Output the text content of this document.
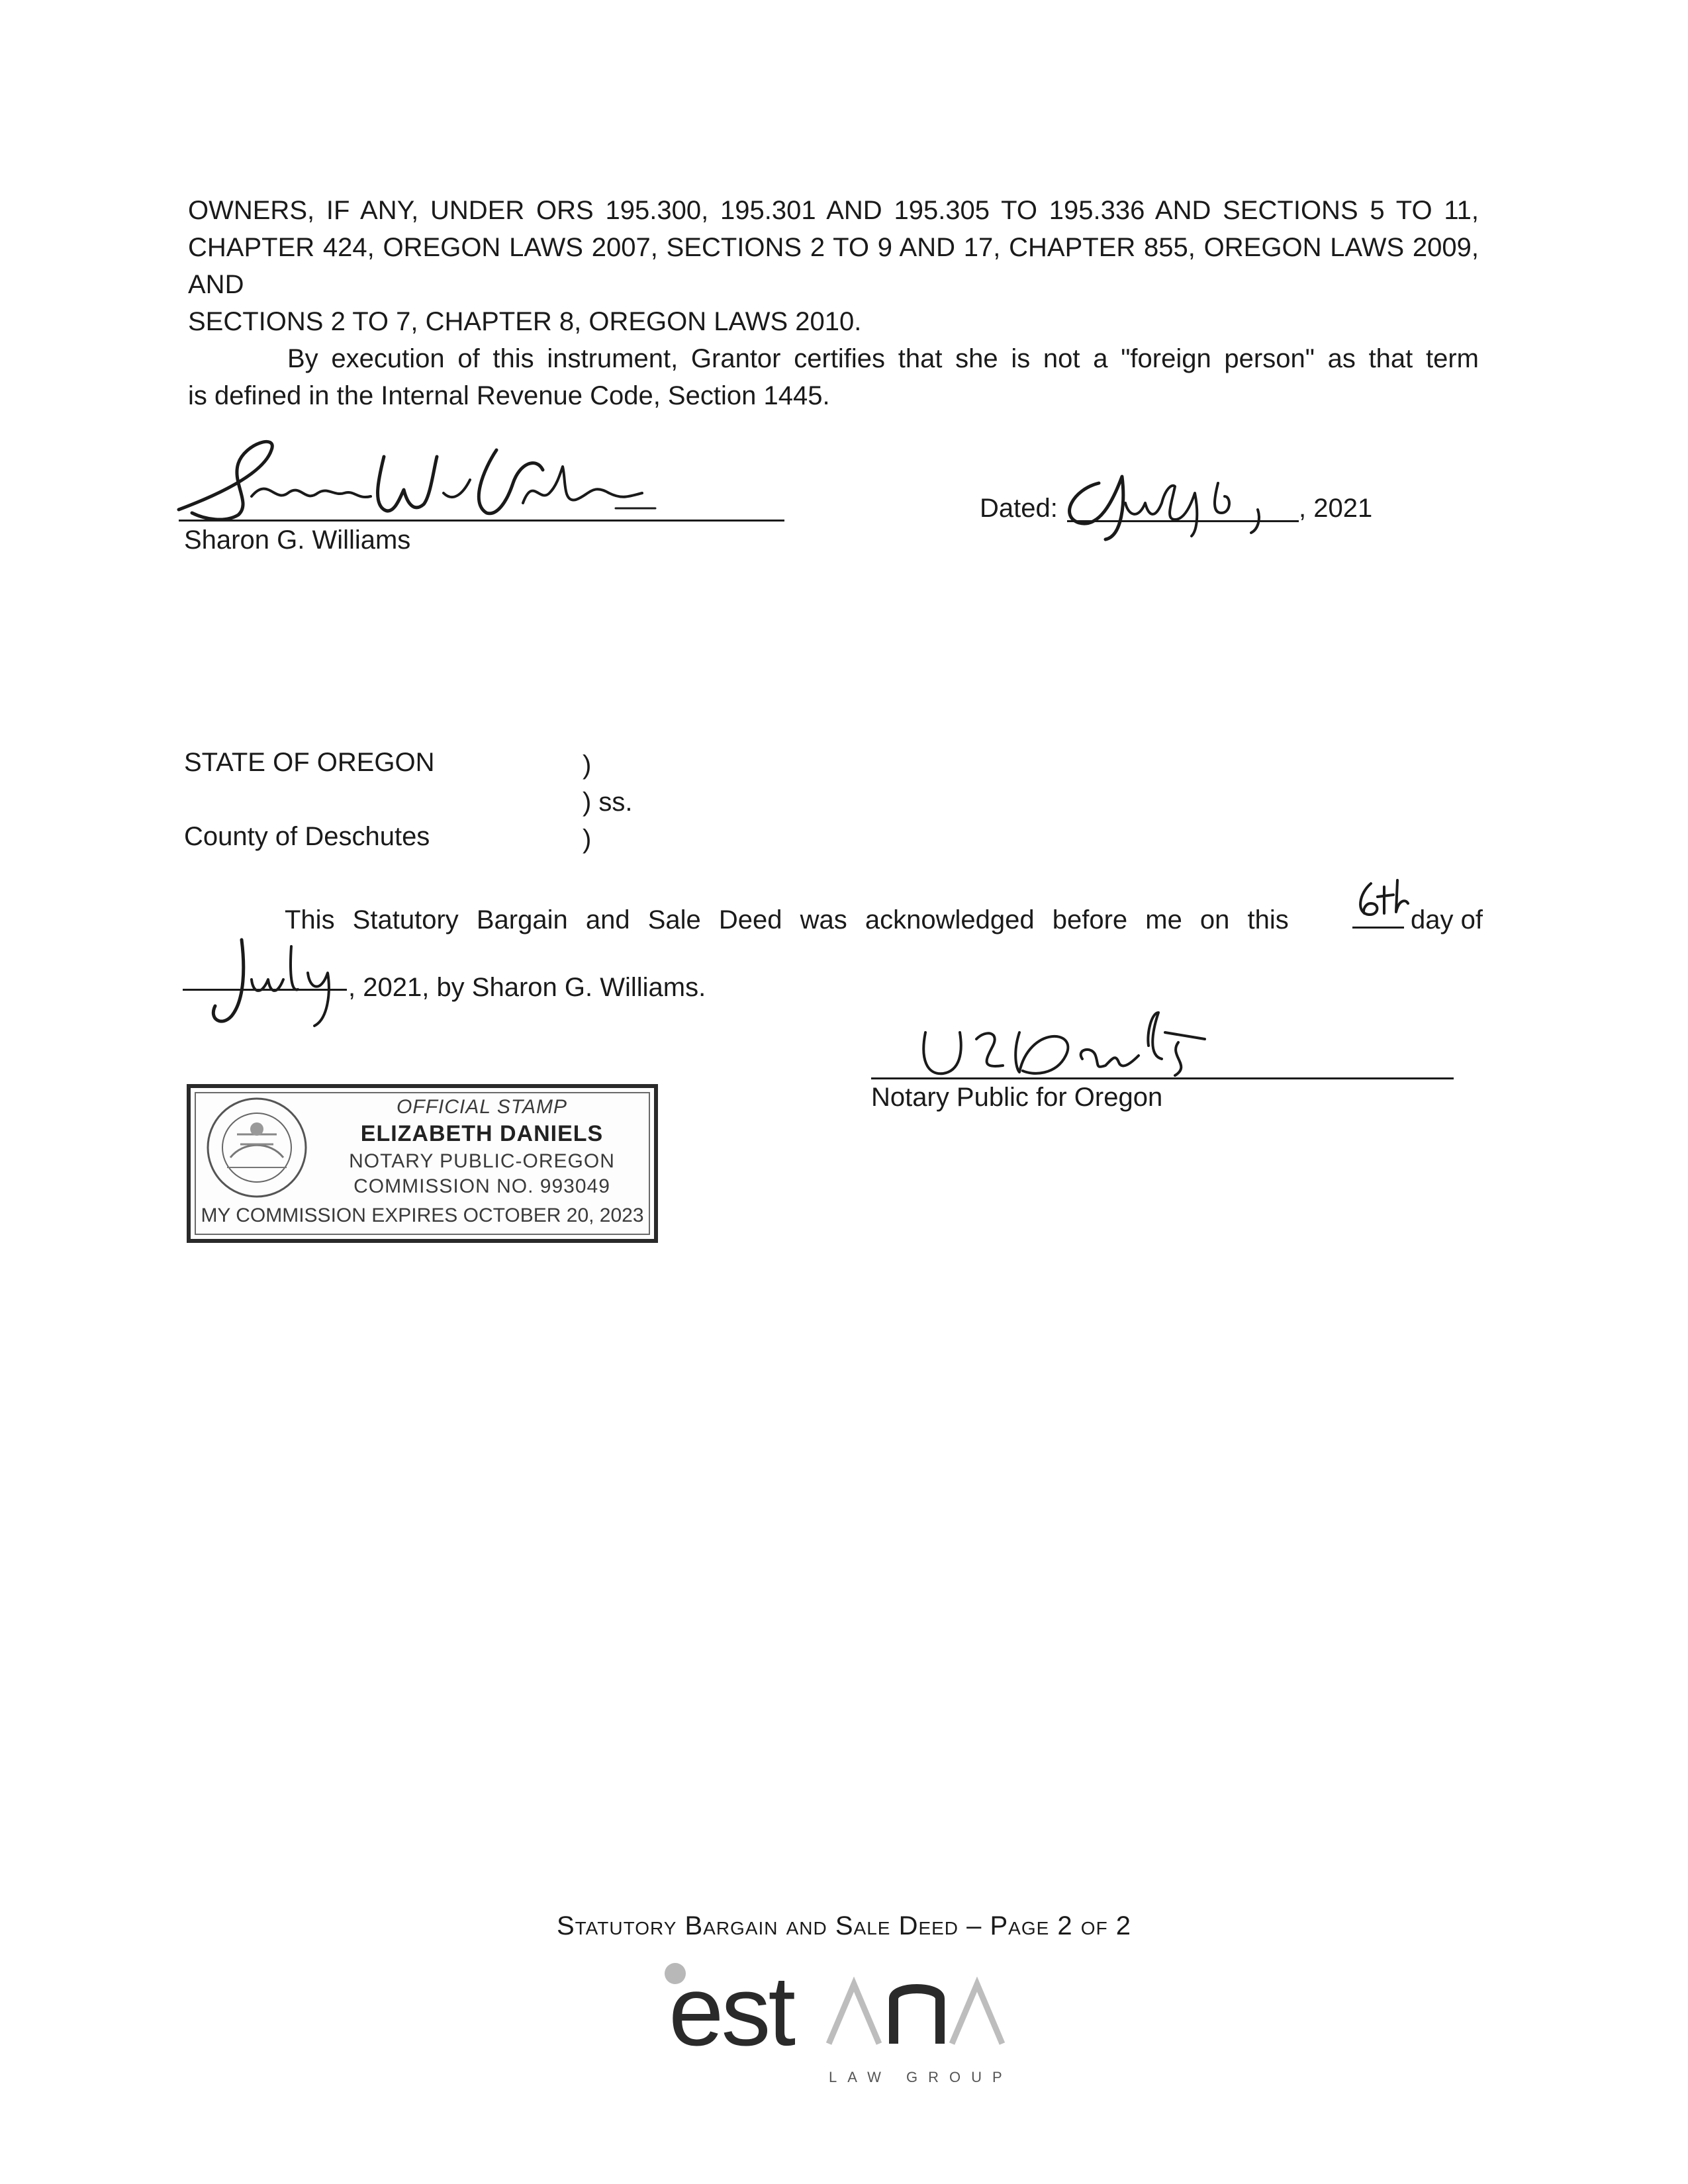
OWNERS, IF ANY, UNDER ORS 195.300, 195.301 AND 195.305 TO 195.336 AND SECTIONS 5 TO 11,
CHAPTER 424, OREGON LAWS 2007, SECTIONS 2 TO 9 AND 17, CHAPTER 855, OREGON LAWS 2009, AND
SECTIONS 2 TO 7, CHAPTER 8, OREGON LAWS 2010.
By execution of this instrument, Grantor certifies that she is not a "foreign person" as that term
is defined in the Internal Revenue Code, Section 1445.
Sharon G. Williams
Dated:	, 2021
STATE OF OREGON	)
) ss.
County of Deschutes	)
This Statutory Bargain and Sale Deed was acknowledged before me on this	day of
, 2021, by Sharon G. Williams.
Notary Public for Oregon
OFFICIAL STAMP
ELIZABETH DANIELS
NOTARY PUBLIC-OREGON
COMMISSION NO. 993049
MY COMMISSION EXPIRES OCTOBER 20, 2023
Statutory Bargain and Sale Deed – Page 2 of 2
est
LAW GROUP
